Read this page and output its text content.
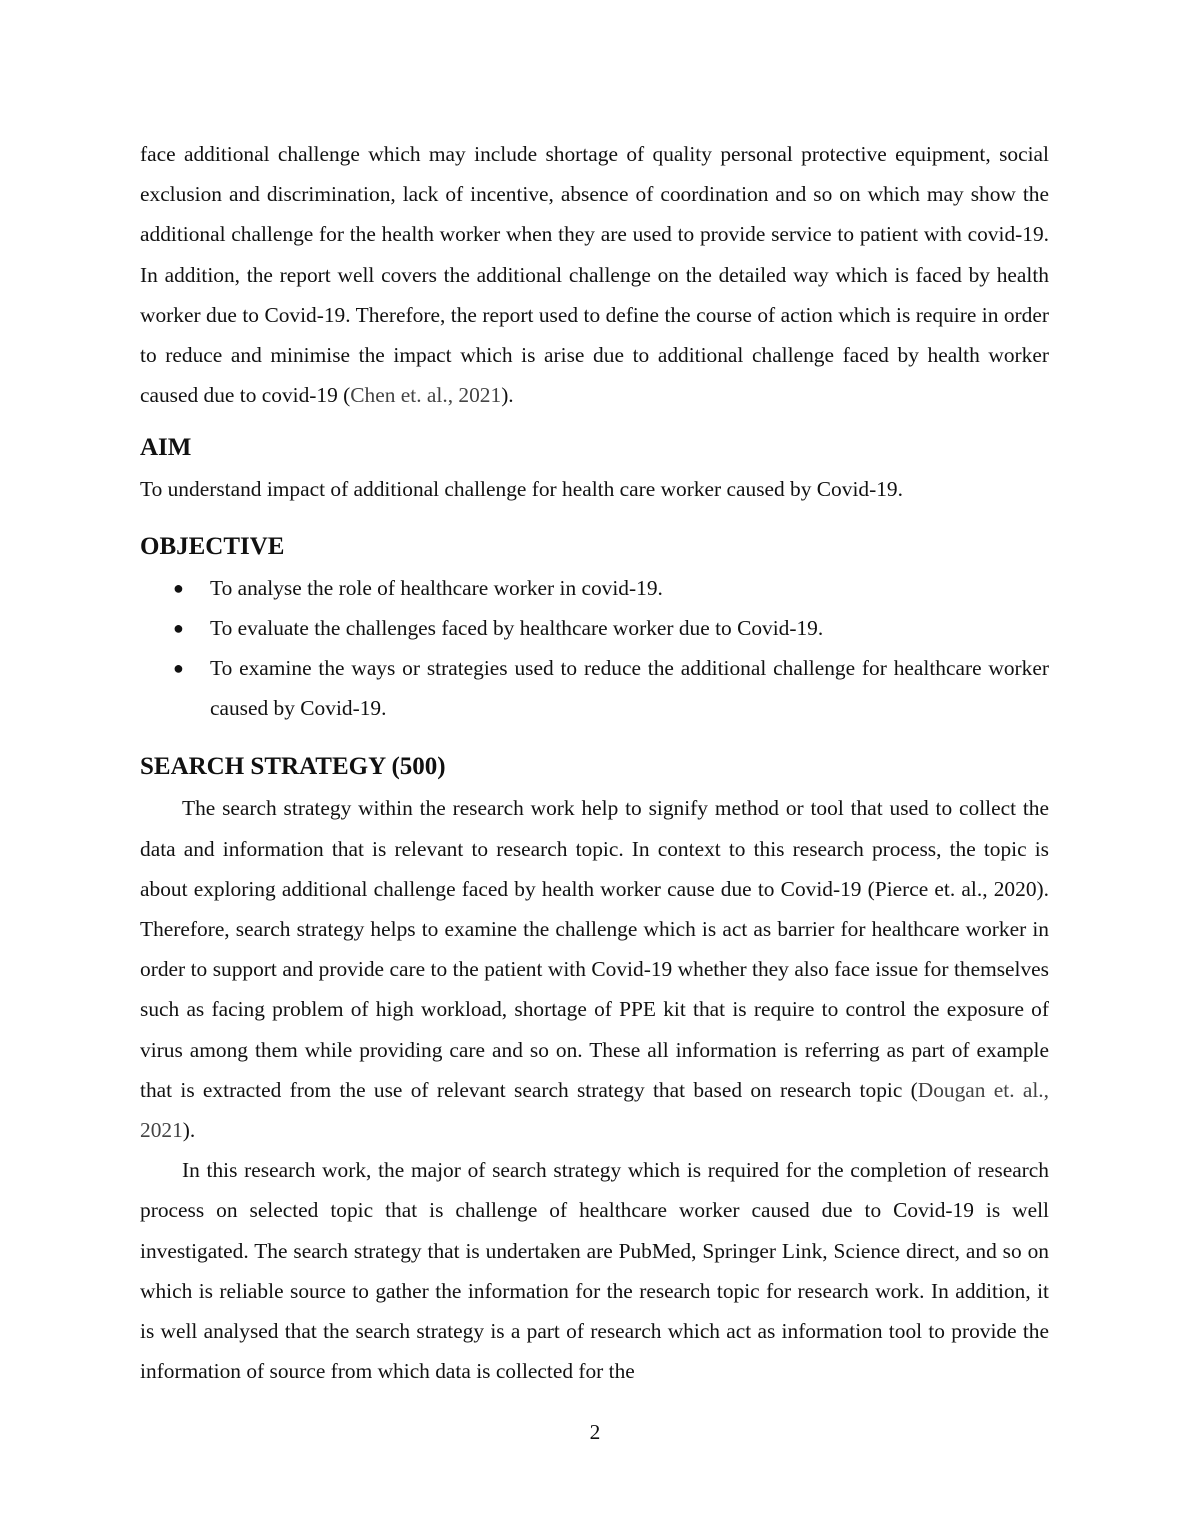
face additional challenge which may include shortage of quality personal protective equipment, social exclusion and discrimination, lack of incentive, absence of coordination and so on which may show the additional challenge for the health worker when they are used to provide service to patient with covid-19. In addition, the report well covers the additional challenge on the detailed way which is faced by health worker due to Covid-19. Therefore, the report used to define the course of action which is require in order to reduce and minimise the impact which is arise due to additional challenge faced by health worker caused due to covid-19 (Chen et. al., 2021).

AIM

To understand impact of additional challenge for health care worker caused by Covid-19.

OBJECTIVE
● To analyse the role of healthcare worker in covid-19.
● To evaluate the challenges faced by healthcare worker due to Covid-19.
● To examine the ways or strategies used to reduce the additional challenge for healthcare worker caused by Covid-19.
SEARCH STRATEGY (500)

The search strategy within the research work help to signify method or tool that used to collect the data and information that is relevant to research topic. In context to this research process, the topic is about exploring additional challenge faced by health worker cause due to Covid-19 (Pierce et. al., 2020). Therefore, search strategy helps to examine the challenge which is act as barrier for healthcare worker in order to support and provide care to the patient with Covid-19 whether they also face issue for themselves such as facing problem of high workload, shortage of PPE kit that is require to control the exposure of virus among them while providing care and so on. These all information is referring as part of example that is extracted from the use of relevant search strategy that based on research topic (Dougan et. al., 2021).

In this research work, the major of search strategy which is required for the completion of research process on selected topic that is challenge of healthcare worker caused due to Covid-19 is well investigated. The search strategy that is undertaken are PubMed, Springer Link, Science direct, and so on which is reliable source to gather the information for the research topic for research work. In addition, it is well analysed that the search strategy is a part of research which act as information tool to provide the information of source from which data is collected for the

2
